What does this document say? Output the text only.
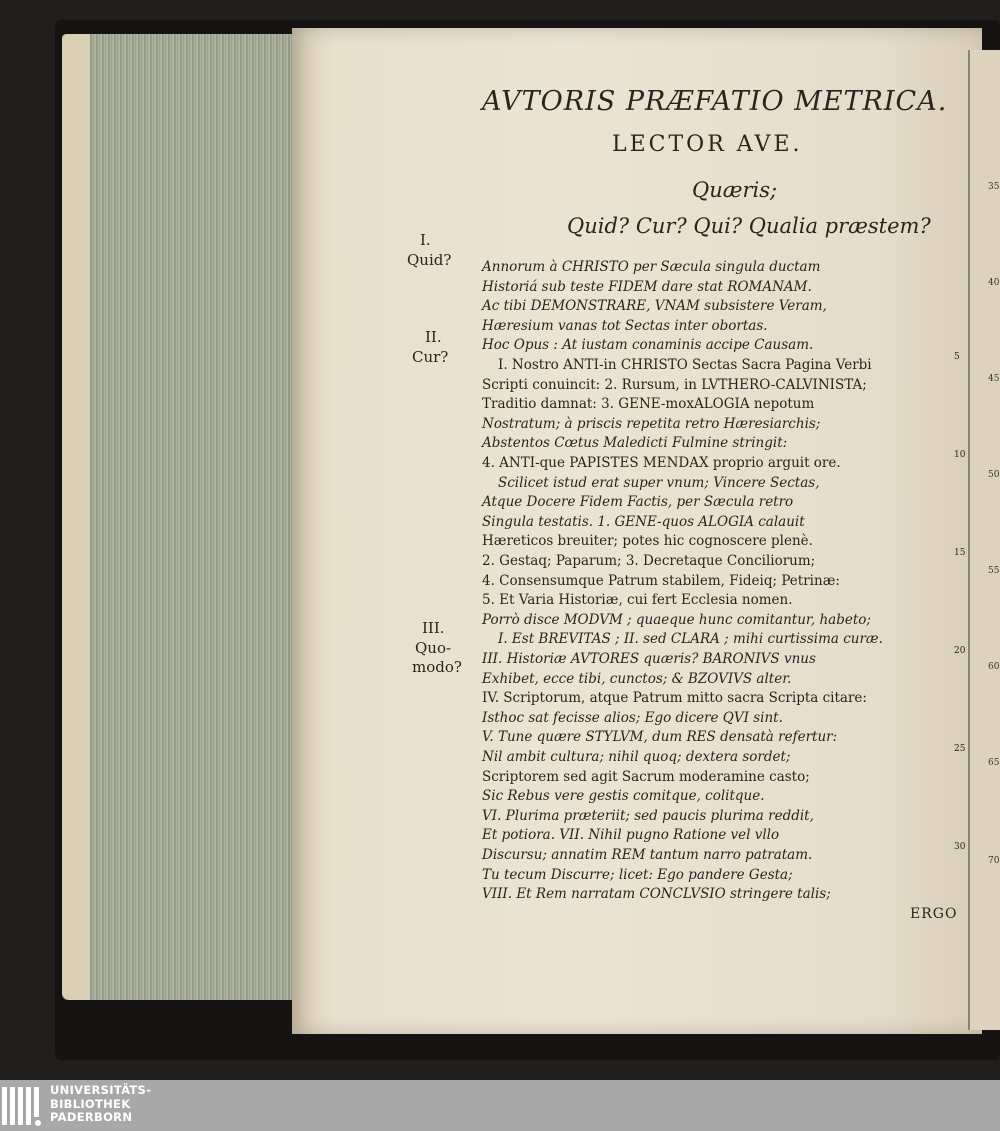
AVTORIS PRÆFATIO METRICA.
LECTOR AVE.
Quæris;
Quid? Cur? Qui? Qualia præstem?
I.
Quid?
II.
Cur?
III.
Quo-
modo?
Annorum à CHRISTO per Sæcula singula ductam
Historiá sub teste FIDEM dare stat ROMANAM.
Ac tibi DEMONSTRARE, VNAM subsistere Veram,
Hæresium vanas tot Sectas inter obortas.
Hoc Opus : At iustam conaminis accipe Causam.
I. Nostro ANTI-in CHRISTO Sectas Sacra Pagina Verbi
Scripti conuincit: 2. Rursum, in LVTHERO-CALVINISTA;
Traditio damnat: 3. GENE-moxALOGIA nepotum
Nostratum; à priscis repetita retro Hæresiarchis;
Abstentos Cœtus Maledicti Fulmine stringit:
4. ANTI-que PAPISTES MENDAX proprio arguit ore.
Scilicet istud erat super vnum; Vincere Sectas,
Atque Docere Fidem Factis, per Sæcula retro
Singula testatis. 1. GENE-quos ALOGIA calauit
Hæreticos breuiter; potes hic cognoscere plenè.
2. Gestaq; Paparum; 3. Decretaque Conciliorum;
4. Consensumque Patrum stabilem, Fideiq; Petrinæ:
5. Et Varia Historiæ, cui fert Ecclesia nomen.
Porrò disce MODVM ; quaeque hunc comitantur, habeto;
I. Est BREVITAS ; II. sed CLARA ; mihi curtissima curæ.
III. Historiæ AVTORES quæris? BARONIVS vnus
Exhibet, ecce tibi, cunctos; & BZOVIVS alter.
IV. Scriptorum, atque Patrum mitto sacra Scripta citare:
Isthoc sat fecisse alios; Ego dicere QVI sint.
V. Tune quære STYLVM, dum RES densatà refertur:
Nil ambit cultura; nihil quoq; dextera sordet;
Scriptorem sed agit Sacrum moderamine casto;
Sic Rebus vere gestis comitque, colitque.
VI. Plurima præteriit; sed paucis plurima reddit,
Et potiora. VII. Nihil pugno Ratione vel vllo
Discursu; annatim REM tantum narro patratam.
Tu tecum Discurre; licet: Ego pandere Gesta;
VIII. Et Rem narratam CONCLVSIO stringere talis;
5
10
15
20
25
30
ERGO
35
40
45
50
55
60
65
70
UNIVERSITÄTS-
BIBLIOTHEK
PADERBORN
